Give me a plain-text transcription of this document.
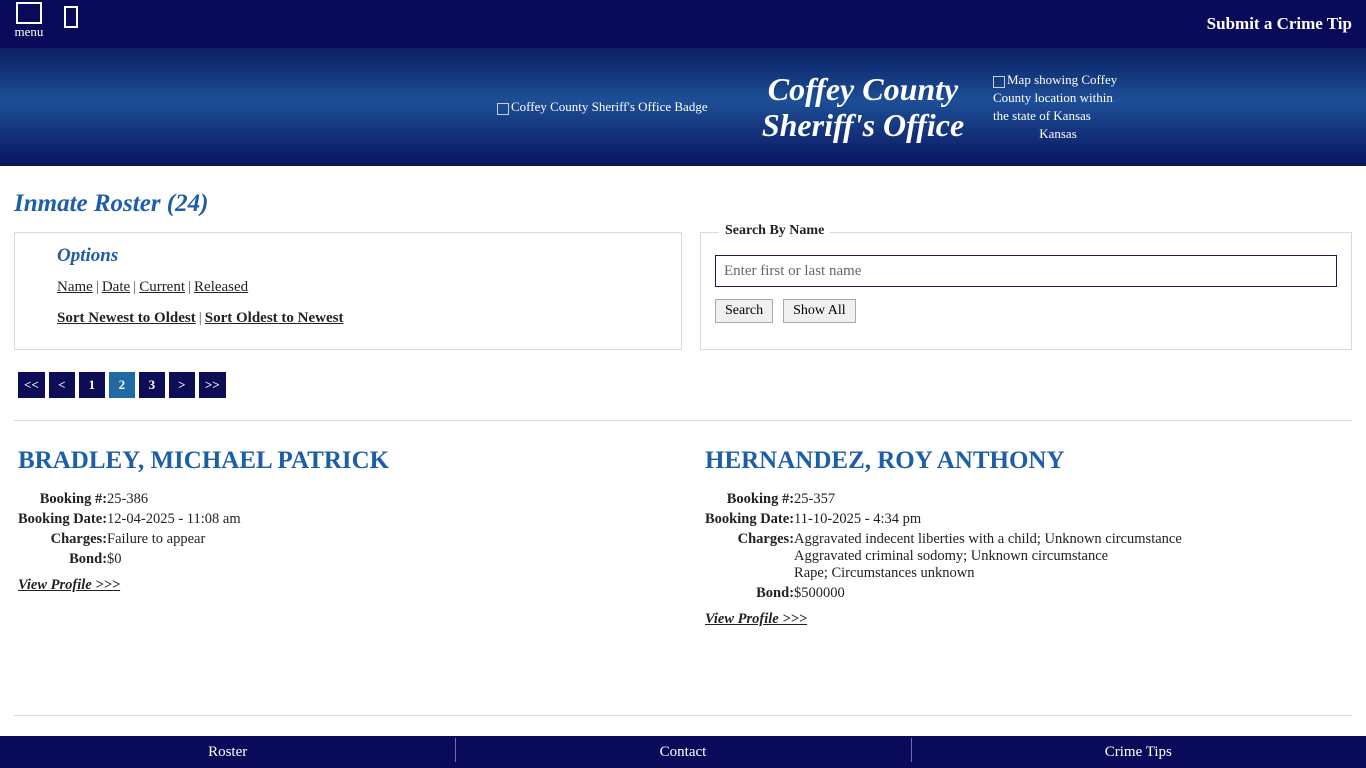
menu	Submit a Crime Tip
Coffey County Sheriff's Office Badge	Coffey County
Sheriff's Office
Map showing Coffey County location within the state of Kansas
Kansas
Inmate Roster (24)
Options
Name | Date | Current | Released
Sort Newest to Oldest | Sort Oldest to Newest
Search By Name
Enter first or last name
Search Show All
<<	<	1	2	3	>	>>
BRADLEY, MICHAEL PATRICK
Booking #:	25-386
Booking Date:	12-04-2025 - 11:08 am
Charges:	Failure to appear

Bond:	$0
View Profile >>>
HERNANDEZ, ROY ANTHONY
Booking #:	25-357
Booking Date:	11-10-2025 - 4:34 pm
Charges:	Aggravated indecent liberties with a child; Unknown circumstance
Aggravated criminal sodomy; Unknown circumstance
Rape; Circumstances unknown

Bond:	$500000
View Profile >>>
Roster	Contact	Crime Tips
